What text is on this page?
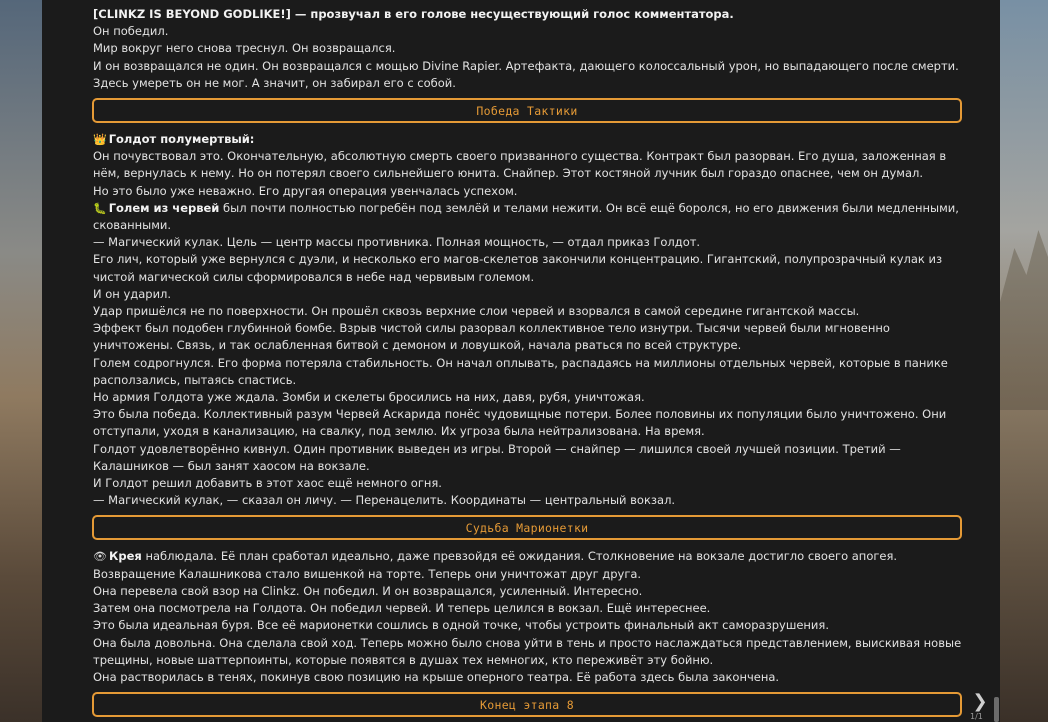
[CLINKZ IS BEYOND GODLIKE!] — прозвучал в его голове несуществующий голос комментатора.

Он победил.

Мир вокруг него снова треснул. Он возвращался.

И он возвращался не один. Он возвращался с мощью Divine Rapier. Артефакта, дающего колоссальный урон, но выпадающего после смерти. Здесь умереть он не мог. А значит, он забирал его с собой.

Победа Тактики

👑 Голдот полумертвый:

Он почувствовал это. Окончательную, абсолютную смерть своего призванного существа. Контракт был разорван. Его душа, заложенная в нём, вернулась к нему. Но он потерял своего сильнейшего юнита. Снайпер. Этот костяной лучник был гораздо опаснее, чем он думал.

Но это было уже неважно. Его другая операция увенчалась успехом.

🐛 Голем из червей был почти полностью погребён под землёй и телами нежити. Он всё ещё боролся, но его движения были медленными, скованными.

— Магический кулак. Цель — центр массы противника. Полная мощность, — отдал приказ Голдот.

Его лич, который уже вернулся с дуэли, и несколько его магов-скелетов закончили концентрацию. Гигантский, полупрозрачный кулак из чистой магической силы сформировался в небе над червивым големом.

И он ударил.

Удар пришёлся не по поверхности. Он прошёл сквозь верхние слои червей и взорвался в самой середине гигантской массы.

Эффект был подобен глубинной бомбе. Взрыв чистой силы разорвал коллективное тело изнутри. Тысячи червей были мгновенно уничтожены. Связь, и так ослабленная битвой с демоном и ловушкой, начала рваться по всей структуре.

Голем содрогнулся. Его форма потеряла стабильность. Он начал оплывать, распадаясь на миллионы отдельных червей, которые в панике расползались, пытаясь спастись.

Но армия Голдота уже ждала. Зомби и скелеты бросились на них, давя, рубя, уничтожая.

Это была победа. Коллективный разум Червей Аскарида понёс чудовищные потери. Более половины их популяции было уничтожено. Они отступали, уходя в канализацию, на свалку, под землю. Их угроза была нейтрализована. На время.

Голдот удовлетворённо кивнул. Один противник выведен из игры. Второй — снайпер — лишился своей лучшей позиции. Третий — Калашников — был занят хаосом на вокзале.

И Голдот решил добавить в этот хаос ещё немного огня.

— Магический кулак, — сказал он личу. — Перенацелить. Координаты — центральный вокзал.

Судьба Марионетки

👁 Крея наблюдала. Её план сработал идеально, даже превзойдя её ожидания. Столкновение на вокзале достигло своего апогея. Возвращение Калашникова стало вишенкой на торте. Теперь они уничтожат друг друга.

Она перевела свой взор на Clinkz. Он победил. И он возвращался, усиленный. Интересно.

Затем она посмотрела на Голдота. Он победил червей. И теперь целился в вокзал. Ещё интереснее.

Это была идеальная буря. Все её марионетки сошлись в одной точке, чтобы устроить финальный акт саморазрушения.

Она была довольна. Она сделала свой ход. Теперь можно было снова уйти в тень и просто наслаждаться представлением, выискивая новые трещины, новые шаттерпоинты, которые появятся в душах тех немногих, кто переживёт эту бойню.

Она растворилась в тенях, покинув свою позицию на крыше оперного театра. Её работа здесь была закончена.

Конец этапа 8	❯
1/1
